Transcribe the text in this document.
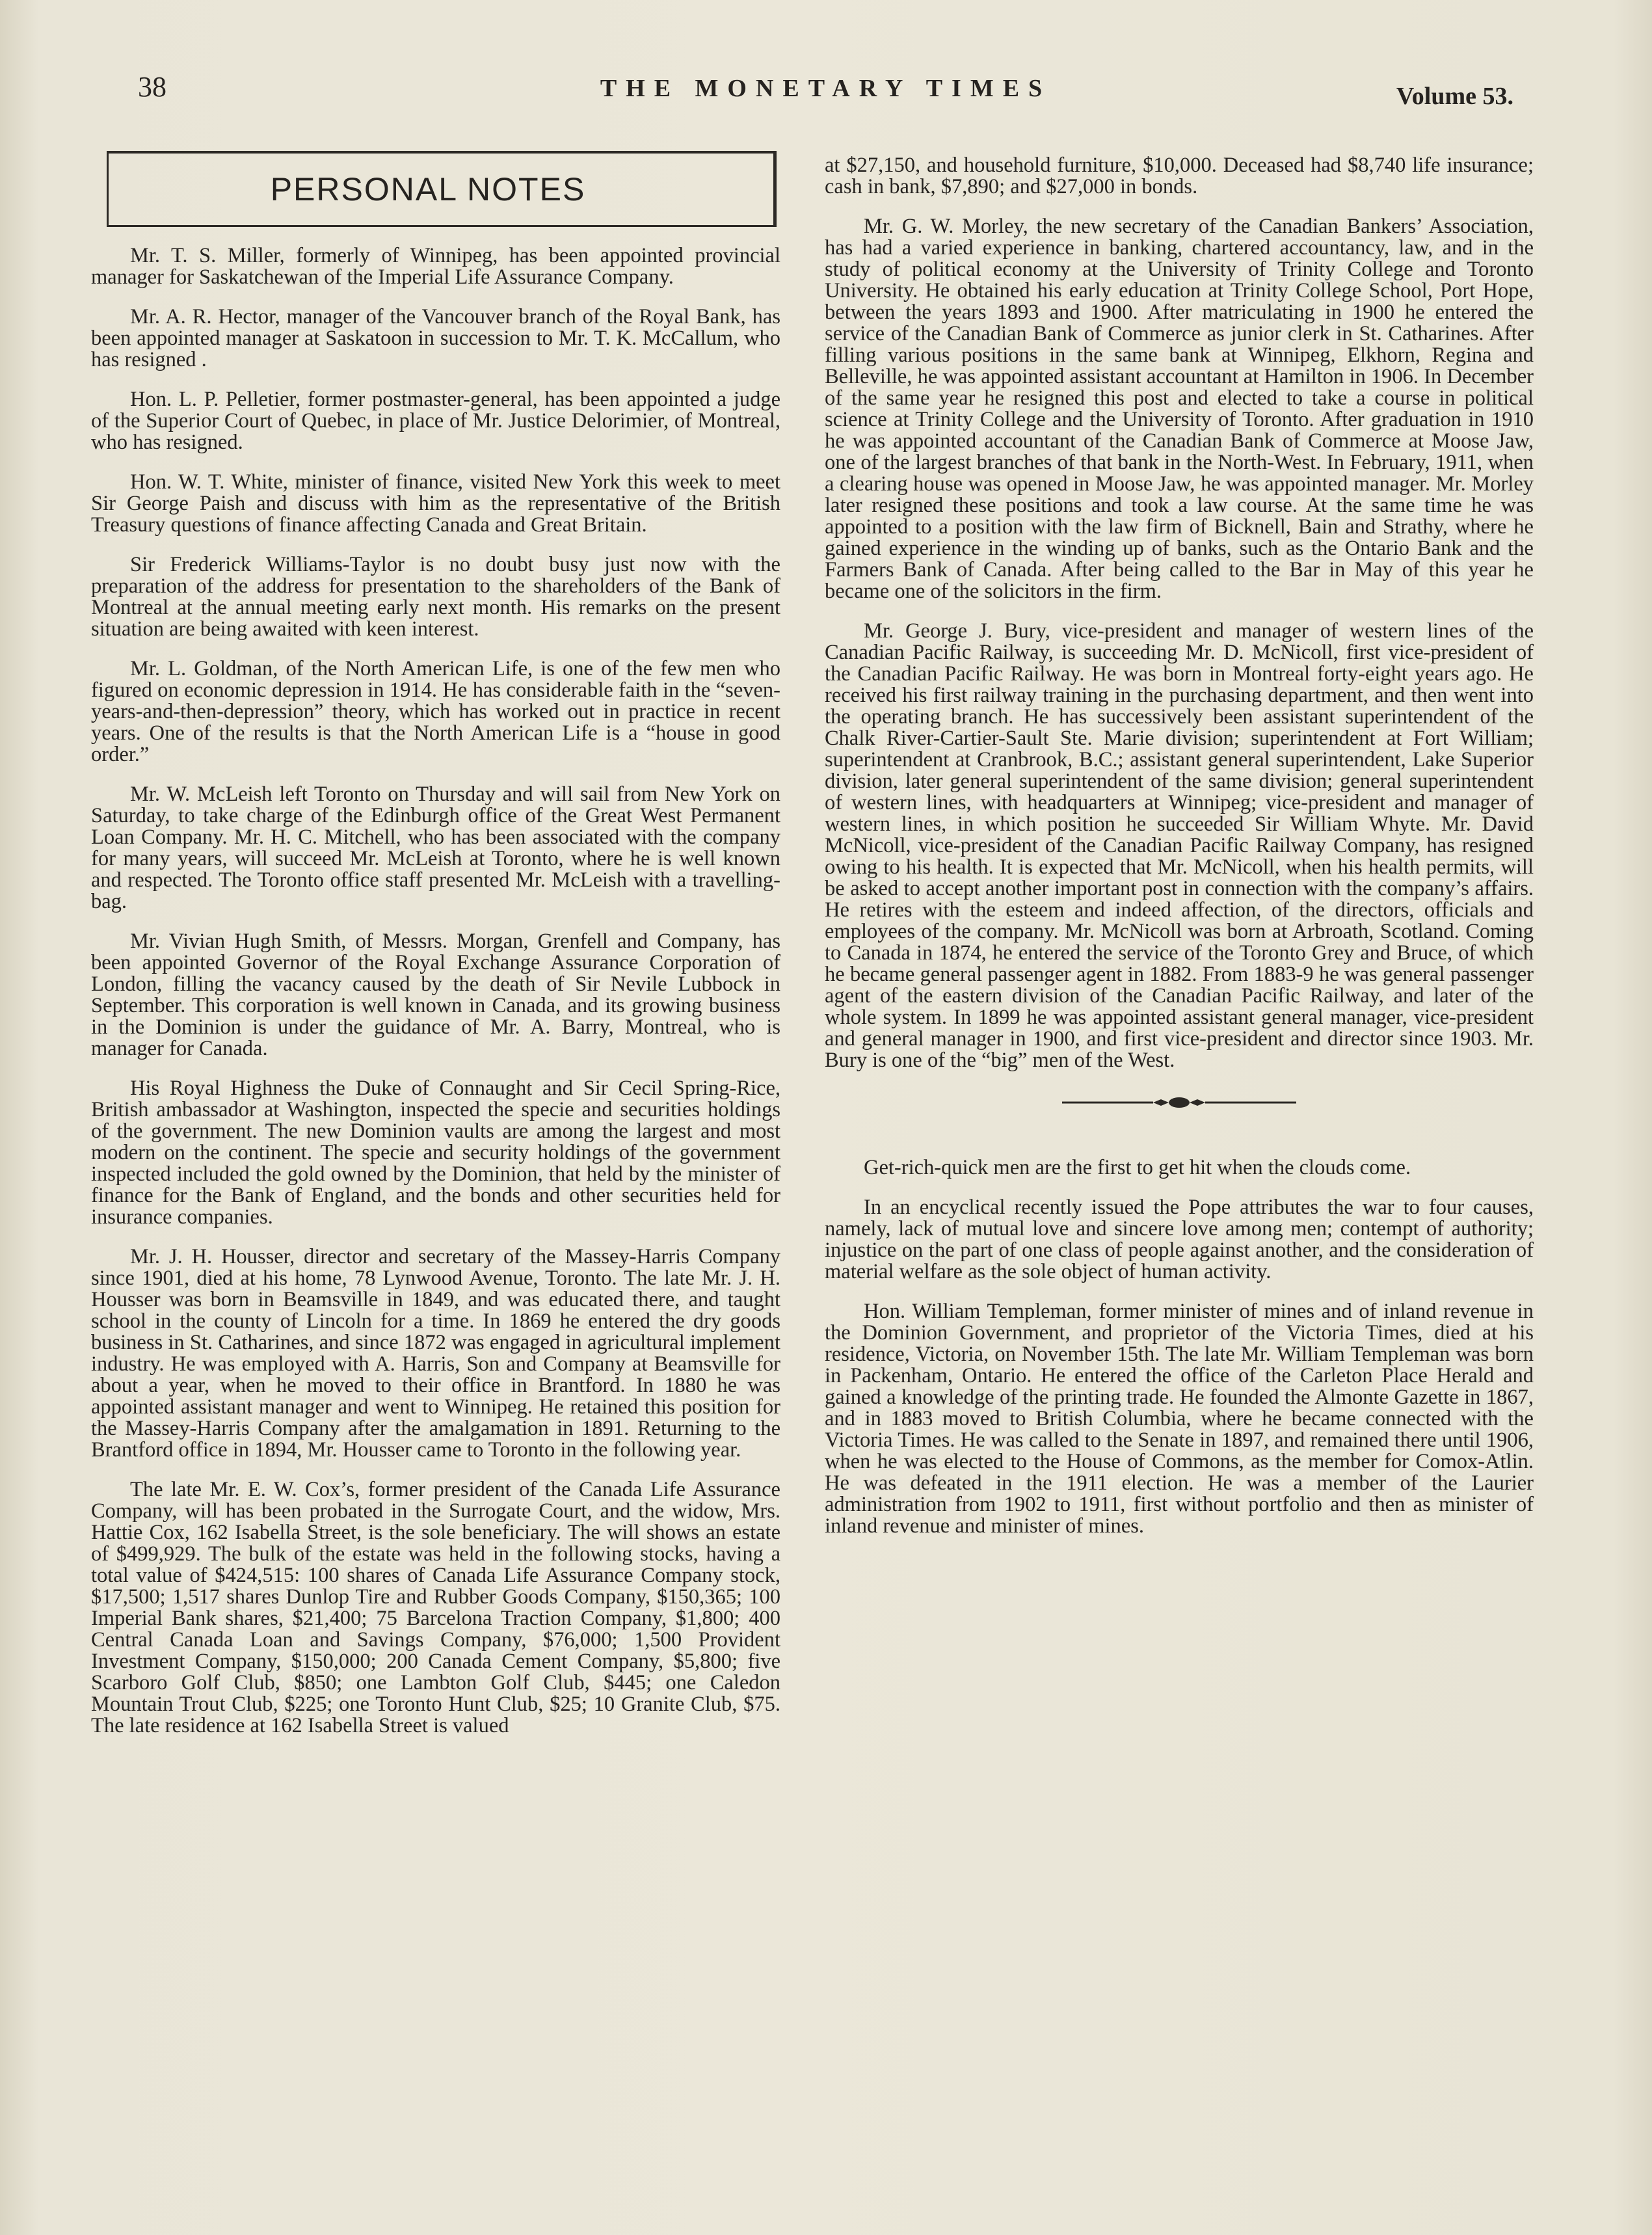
38	THE MONETARY TIMES	Volume 53.
PERSONAL NOTES

Mr. T. S. Miller, formerly of Winnipeg, has been appointed provincial manager for Saskatchewan of the Imperial Life Assurance Company.

Mr. A. R. Hector, manager of the Vancouver branch of the Royal Bank, has been appointed manager at Saskatoon in succession to Mr. T. K. McCallum, who has resigned .

Hon. L. P. Pelletier, former postmaster-general, has been appointed a judge of the Superior Court of Quebec, in place of Mr. Justice Delorimier, of Montreal, who has resigned.

Hon. W. T. White, minister of finance, visited New York this week to meet Sir George Paish and discuss with him as the representative of the British Treasury questions of finance affecting Canada and Great Britain.

Sir Frederick Williams-Taylor is no doubt busy just now with the preparation of the address for presentation to the shareholders of the Bank of Montreal at the annual meeting early next month. His remarks on the present situation are being awaited with keen interest.

Mr. L. Goldman, of the North American Life, is one of the few men who figured on economic depression in 1914. He has considerable faith in the “seven-years-and-then-depression” theory, which has worked out in practice in recent years. One of the results is that the North American Life is a “house in good order.”

Mr. W. McLeish left Toronto on Thursday and will sail from New York on Saturday, to take charge of the Edinburgh office of the Great West Permanent Loan Company. Mr. H. C. Mitchell, who has been associated with the company for many years, will succeed Mr. McLeish at Toronto, where he is well known and respected. The Toronto office staff presented Mr. McLeish with a travelling-bag.

Mr. Vivian Hugh Smith, of Messrs. Morgan, Grenfell and Company, has been appointed Governor of the Royal Exchange Assurance Corporation of London, filling the vacancy caused by the death of Sir Nevile Lubbock in September. This corporation is well known in Canada, and its growing business in the Dominion is under the guidance of Mr. A. Barry, Montreal, who is manager for Canada.

His Royal Highness the Duke of Connaught and Sir Cecil Spring-Rice, British ambassador at Washington, inspected the specie and securities holdings of the government. The new Dominion vaults are among the largest and most modern on the continent. The specie and security holdings of the government inspected included the gold owned by the Dominion, that held by the minister of finance for the Bank of England, and the bonds and other securities held for insurance companies.

Mr. J. H. Housser, director and secretary of the Massey-Harris Company since 1901, died at his home, 78 Lynwood Avenue, Toronto. The late Mr. J. H. Housser was born in Beamsville in 1849, and was educated there, and taught school in the county of Lincoln for a time. In 1869 he entered the dry goods business in St. Catharines, and since 1872 was engaged in agricultural implement industry. He was employed with A. Harris, Son and Company at Beamsville for about a year, when he moved to their office in Brantford. In 1880 he was appointed assistant manager and went to Winnipeg. He retained this position for the Massey-Harris Company after the amalgamation in 1891. Returning to the Brantford office in 1894, Mr. Housser came to Toronto in the following year.

The late Mr. E. W. Cox’s, former president of the Canada Life Assurance Company, will has been probated in the Surrogate Court, and the widow, Mrs. Hattie Cox, 162 Isabella Street, is the sole beneficiary. The will shows an estate of $499,929. The bulk of the estate was held in the following stocks, having a total value of $424,515: 100 shares of Canada Life Assurance Company stock, $17,500; 1,517 shares Dunlop Tire and Rubber Goods Company, $150,365; 100 Imperial Bank shares, $21,400; 75 Barcelona Traction Company, $1,800; 400 Central Canada Loan and Savings Company, $76,000; 1,500 Provident Investment Company, $150,000; 200 Canada Cement Company, $5,800; five Scarboro Golf Club, $850; one Lambton Golf Club, $445; one Caledon Mountain Trout Club, $225; one Toronto Hunt Club, $25; 10 Granite Club, $75. The late residence at 162 Isabella Street is valued

at $27,150, and household furniture, $10,000. Deceased had $8,740 life insurance; cash in bank, $7,890; and $27,000 in bonds.

Mr. G. W. Morley, the new secretary of the Canadian Bankers’ Association, has had a varied experience in banking, chartered accountancy, law, and in the study of political economy at the University of Trinity College and Toronto University. He obtained his early education at Trinity College School, Port Hope, between the years 1893 and 1900. After matriculating in 1900 he entered the service of the Canadian Bank of Commerce as junior clerk in St. Catharines. After filling various positions in the same bank at Winnipeg, Elkhorn, Regina and Belleville, he was appointed assistant accountant at Hamilton in 1906. In December of the same year he resigned this post and elected to take a course in political science at Trinity College and the University of Toronto. After graduation in 1910 he was appointed accountant of the Canadian Bank of Commerce at Moose Jaw, one of the largest branches of that bank in the North-West. In February, 1911, when a clearing house was opened in Moose Jaw, he was appointed manager. Mr. Morley later resigned these positions and took a law course. At the same time he was appointed to a position with the law firm of Bicknell, Bain and Strathy, where he gained experience in the winding up of banks, such as the Ontario Bank and the Farmers Bank of Canada. After being called to the Bar in May of this year he became one of the solicitors in the firm.

Mr. George J. Bury, vice-president and manager of western lines of the Canadian Pacific Railway, is succeeding Mr. D. McNicoll, first vice-president of the Canadian Pacific Railway. He was born in Montreal forty-eight years ago. He received his first railway training in the purchasing department, and then went into the operating branch. He has successively been assistant superintendent of the Chalk River-Cartier-Sault Ste. Marie division; superintendent at Fort William; superintendent at Cranbrook, B.C.; assistant general superintendent, Lake Superior division, later general superintendent of the same division; general superintendent of western lines, with headquarters at Winnipeg; vice-president and manager of western lines, in which position he succeeded Sir William Whyte. Mr. David McNicoll, vice-president of the Canadian Pacific Railway Company, has resigned owing to his health. It is expected that Mr. McNicoll, when his health permits, will be asked to accept another important post in connection with the company’s affairs. He retires with the esteem and indeed affection, of the directors, officials and employees of the company. Mr. McNicoll was born at Arbroath, Scotland. Coming to Canada in 1874, he entered the service of the Toronto Grey and Bruce, of which he became general passenger agent in 1882. From 1883-9 he was general passenger agent of the eastern division of the Canadian Pacific Railway, and later of the whole system. In 1899 he was appointed assistant general manager, vice-president and general manager in 1900, and first vice-president and director since 1903. Mr. Bury is one of the “big” men of the West.

Get-rich-quick men are the first to get hit when the clouds come.

In an encyclical recently issued the Pope attributes the war to four causes, namely, lack of mutual love and sincere love among men; contempt of authority; injustice on the part of one class of people against another, and the consideration of material welfare as the sole object of human activity.

Hon. William Templeman, former minister of mines and of inland revenue in the Dominion Government, and proprietor of the Victoria Times, died at his residence, Victoria, on November 15th. The late Mr. William Templeman was born in Packenham, Ontario. He entered the office of the Carleton Place Herald and gained a knowledge of the printing trade. He founded the Almonte Gazette in 1867, and in 1883 moved to British Columbia, where he became connected with the Victoria Times. He was called to the Senate in 1897, and remained there until 1906, when he was elected to the House of Commons, as the member for Comox-Atlin. He was defeated in the 1911 election. He was a member of the Laurier administration from 1902 to 1911, first without portfolio and then as minister of inland revenue and minister of mines.
